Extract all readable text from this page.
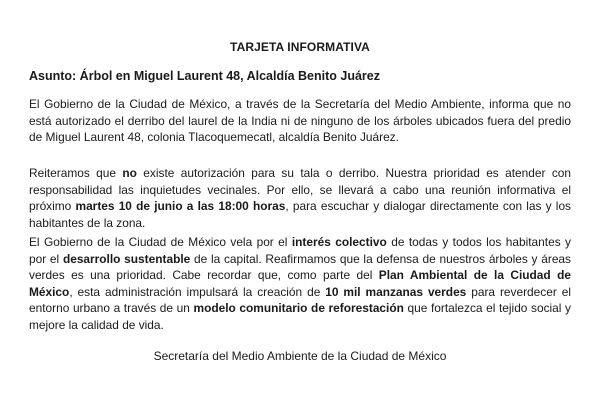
TARJETA INFORMATIVA
Asunto: Árbol en Miguel Laurent 48, Alcaldía Benito Juárez
El Gobierno de la Ciudad de México, a través de la Secretaría del Medio Ambiente, informa que no está autorizado el derribo del laurel de la India ni de ninguno de los árboles ubicados fuera del predio de Miguel Laurent 48, colonia Tlacoquemecatl, alcaldía Benito Juárez.
Reiteramos que no existe autorización para su tala o derribo. Nuestra prioridad es atender con responsabilidad las inquietudes vecinales. Por ello, se llevará a cabo una reunión informativa el próximo martes 10 de junio a las 18:00 horas, para escuchar y dialogar directamente con las y los habitantes de la zona.
El Gobierno de la Ciudad de México vela por el interés colectivo de todas y todos los habitantes y por el desarrollo sustentable de la capital. Reafirmamos que la defensa de nuestros árboles y áreas verdes es una prioridad. Cabe recordar que, como parte del Plan Ambiental de la Ciudad de México, esta administración impulsará la creación de 10 mil manzanas verdes para reverdecer el entorno urbano a través de un modelo comunitario de reforestación que fortalezca el tejido social y mejore la calidad de vida.
Secretaría del Medio Ambiente de la Ciudad de México
